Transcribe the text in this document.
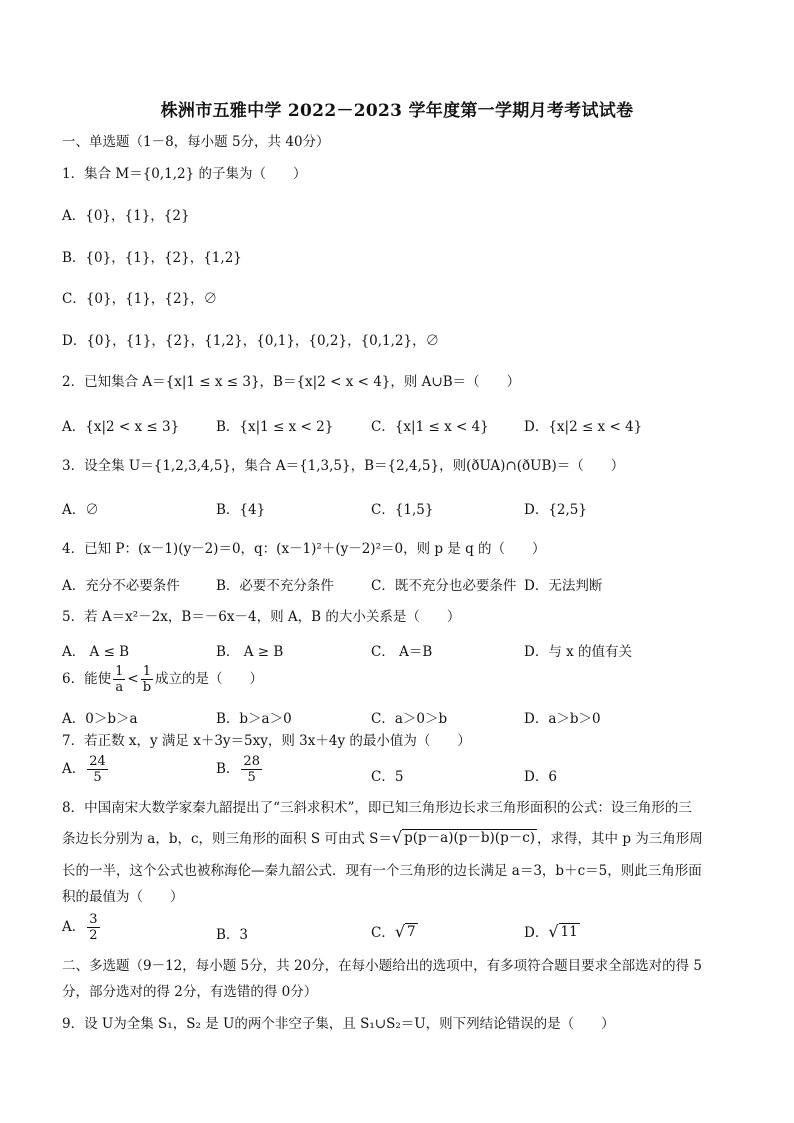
株洲市五雅中学 2022－2023 学年度第一学期月考考试试卷
一、单选题（1－8，每小题 5分，共 40分）
1．集合 M＝{0,1,2} 的子集为（　　）
A．{0}，{1}，{2}
B．{0}，{1}，{2}，{1,2}
C．{0}，{1}，{2}，∅
D．{0}，{1}，{2}，{1,2}，{0,1}，{0,2}，{0,1,2}，∅
2．已知集合 A＝{x|1 ≤ x ≤ 3}，B＝{x|2 < x < 4}，则 A∪B＝（　　）
A．{x|2 < x ≤ 3}	B．{x|1 ≤ x < 2}	C．{x|1 ≤ x < 4}	D．{x|2 ≤ x < 4}
3．设全集 U＝{1,2,3,4,5}，集合 A＝{1,3,5}，B＝{2,4,5}，则(ðUA)∩(ðUB)＝（　　）
A．∅	B．{4}	C．{1,5}	D．{2,5}
4．已知 P：(x－1)(y－2)＝0，q：(x－1)²＋(y－2)²＝0，则 p 是 q 的（　　）
A．充分不必要条件	B．必要不充分条件	C．既不充分也必要条件 D．无法判断
5．若 A＝x²－2x，B＝－6x－4，则 A，B 的大小关系是（　　）
A． A ≤ B	B． A ≥ B	C． A＝B	D．与 x 的值有关
6．能使 $\frac{1}{a} < \frac{1}{b}$ 成立的是（　　）
A．0＞b＞a	B．b＞a＞0	C．a＞0＞b	D．a＞b＞0
7．若正数 x，y 满足 x＋3y＝5xy，则 3x＋4y 的最小值为（　　）
A． $\frac{24}{5}$	B． $\frac{28}{5}$	C．5	D．6
8．中国南宋大数学家秦九韶提出了“三斜求积术”，即已知三角形边长求三角形面积的公式：设三角形的三
条边长分别为 a，b，c，则三角形的面积 S 可由式 S＝ √ p(p－a)(p－b)(p－c) ，求得，其中 p 为三角形周
长的一半，这个公式也被称海伦—秦九韶公式．现有一个三角形的边长满足 a＝3，b＋c＝5，则此三角形面
积的最值为（　　）
A． $\frac{3}{2}$	B．3	C． √ 7	D． √ 11
二、多选题（9－12，每小题 5分，共 20分，在每小题给出的选项中，有多项符合题目要求全部选对的得 5
分，部分选对的得 2分，有选错的得 0分）
9．设 U为全集 S₁，S₂ 是 U的两个非空子集，且 S₁∪S₂＝U，则下列结论错误的是（　　）
